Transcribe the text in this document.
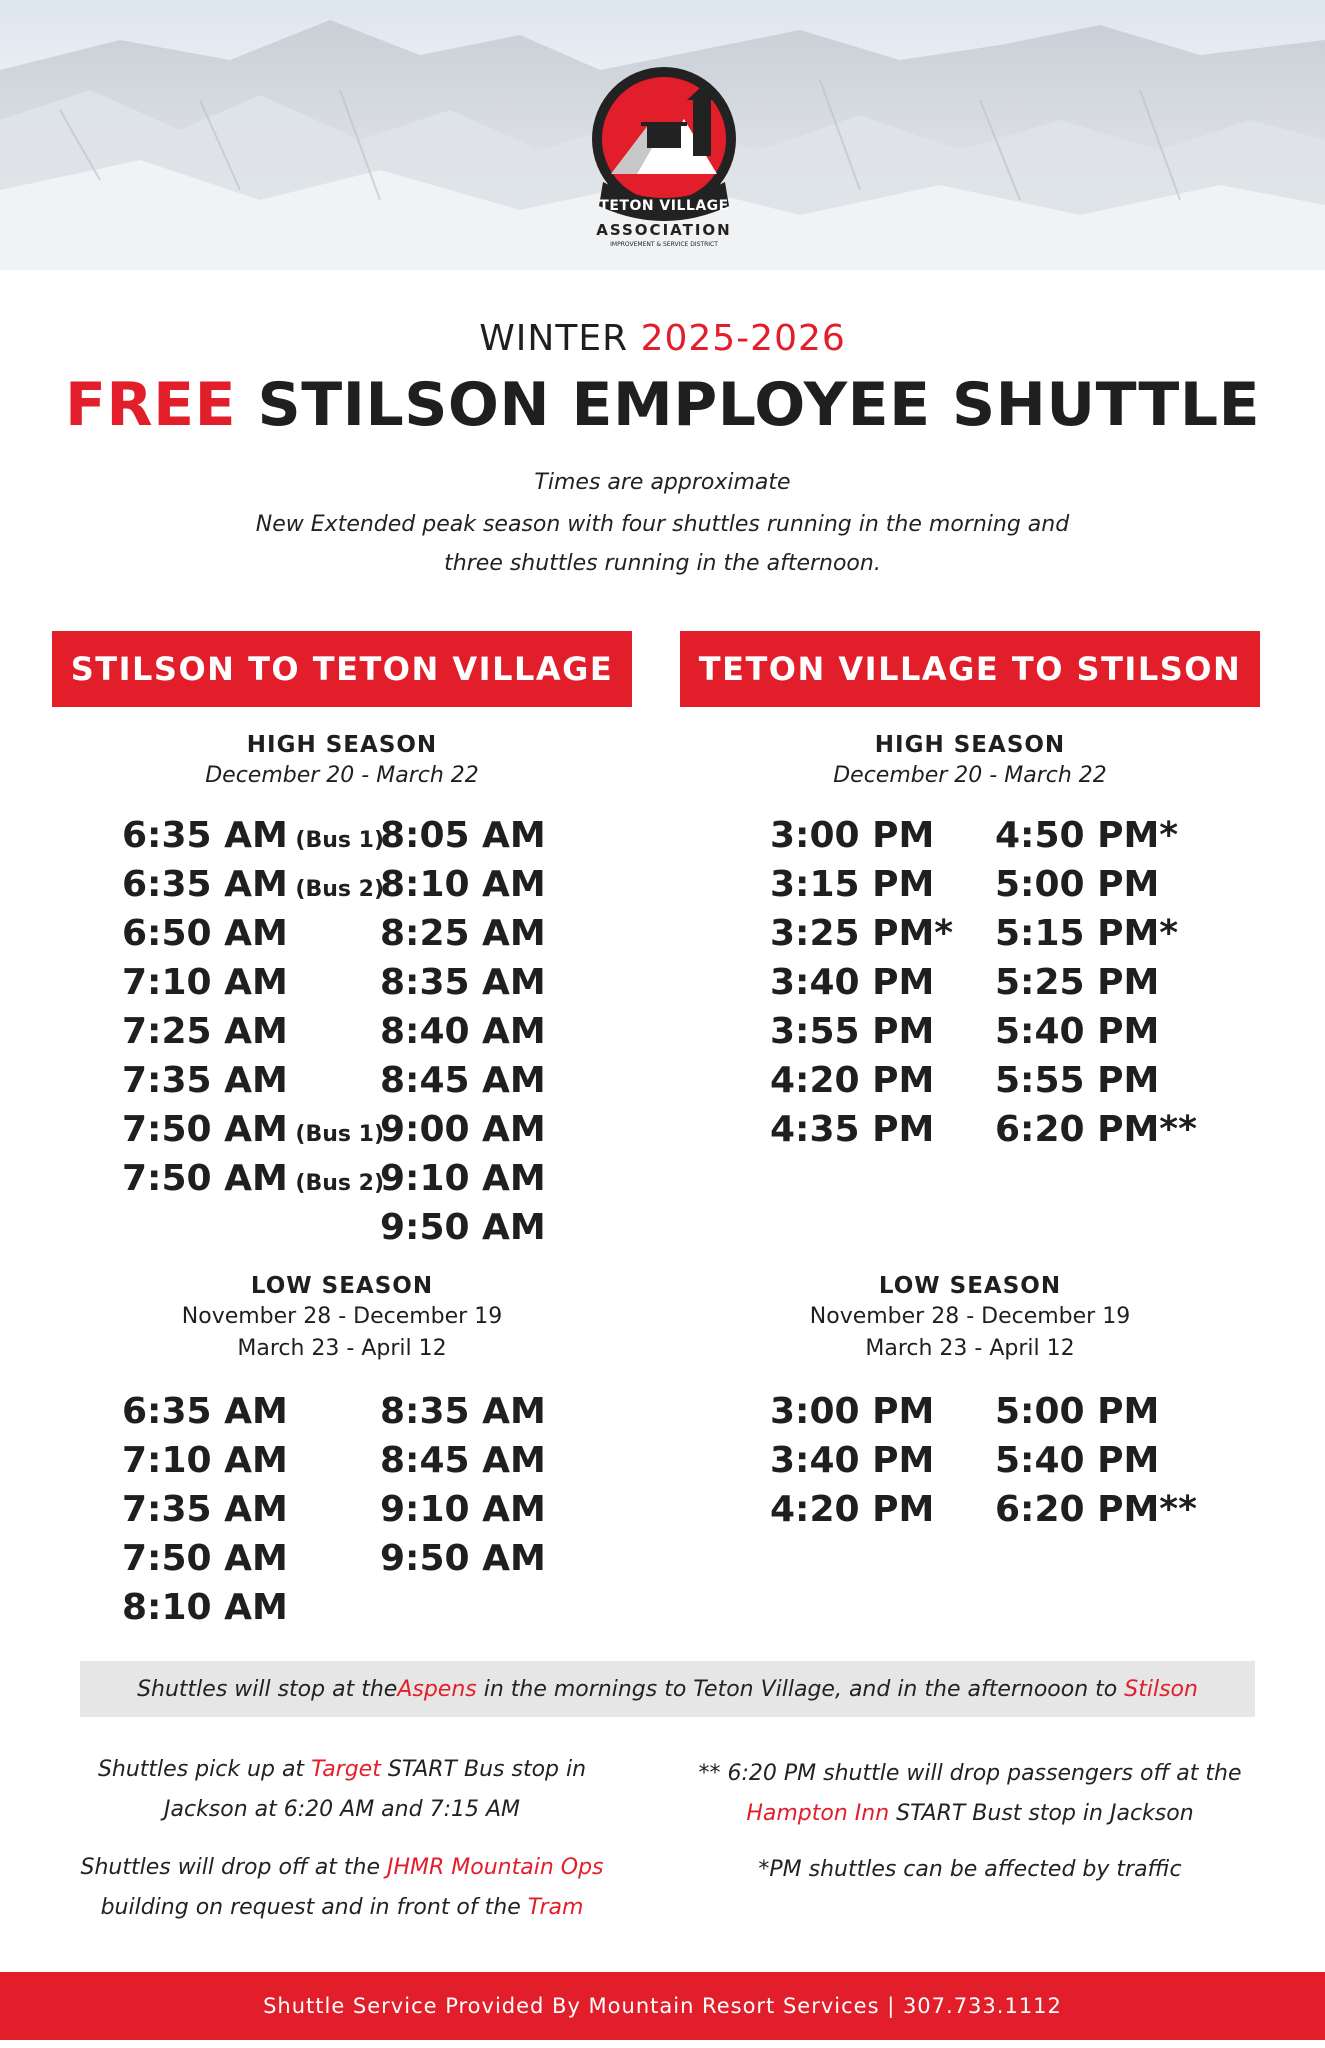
TETON VILLAGE
ASSOCIATION
IMPROVEMENT & SERVICE DISTRICT
WINTER 2025-2026
FREE STILSON EMPLOYEE SHUTTLE
Times are approximate
New Extended peak season with four shuttles running in the morning and
three shuttles running in the afternoon.
STILSON TO TETON VILLAGE	TETON VILLAGE TO STILSON
HIGH SEASON
December 20 - March 22
6:35 AM (Bus 1)
6:35 AM (Bus 2)
6:50 AM
7:10 AM
7:25 AM
7:35 AM
7:50 AM (Bus 1)
7:50 AM (Bus 2)
8:05 AM
8:10 AM
8:25 AM
8:35 AM
8:40 AM
8:45 AM
9:00 AM
9:10 AM
9:50 AM
HIGH SEASON
December 20 - March 22
3:00 PM
3:15 PM
3:25 PM*
3:40 PM
3:55 PM
4:20 PM
4:35 PM
4:50 PM*
5:00 PM
5:15 PM*
5:25 PM
5:40 PM
5:55 PM
6:20 PM**
LOW SEASON
November 28 - December 19
March 23 - April 12
6:35 AM
7:10 AM
7:35 AM
7:50 AM
8:10 AM
8:35 AM
8:45 AM
9:10 AM
9:50 AM
LOW SEASON
November 28 - December 19
March 23 - April 12
3:00 PM
3:40 PM
4:20 PM
5:00 PM
5:40 PM
6:20 PM**
Shuttles will stop at the Aspens in the mornings to Teton Village, and in the afternooon to Stilson
Shuttles pick up at Target START Bus stop in
Jackson at 6:20 AM and 7:15 AM
Shuttles will drop off at the JHMR Mountain Ops
building on request and in front of the Tram
** 6:20 PM shuttle will drop passengers off at the
Hampton Inn START Bust stop in Jackson
*PM shuttles can be affected by traffic
Shuttle Service Provided By Mountain Resort Services | 307.733.1112
